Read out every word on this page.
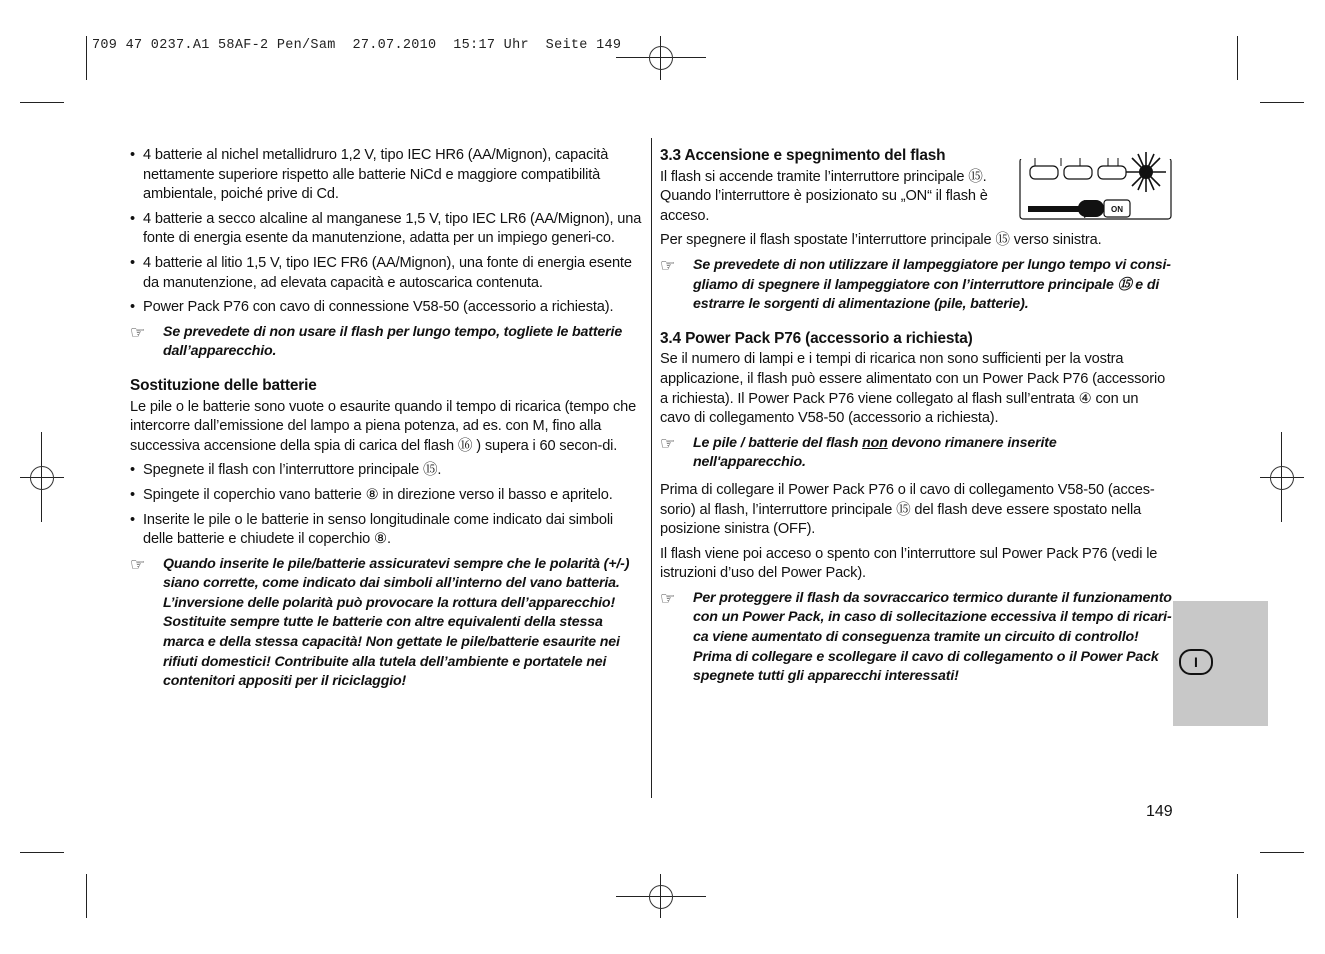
709 47 0237.A1 58AF-2 Pen/Sam  27.07.2010  15:17 Uhr  Seite 149
• 4 batterie al nichel metallidruro 1,2 V, tipo IEC HR6 (AA/Mignon), capacità nettamente superiore rispetto alle batterie NiCd e maggiore compatibilità ambientale, poiché prive di Cd.
• 4 batterie a secco alcaline al manganese 1,5 V, tipo IEC LR6 (AA/Mignon), una fonte di energia esente da manutenzione, adatta per un impiego generi-co.
• 4 batterie al litio 1,5 V, tipo IEC FR6 (AA/Mignon), una fonte di energia esente da manutenzione, ad elevata capacità e autoscarica contenuta.
• Power Pack P76 con cavo di connessione V58-50 (accessorio a richiesta).
☞ Se prevedete di non usare il flash per lungo tempo, togliete le batterie dall’apparecchio.
Sostituzione delle batterie

Le pile o le batterie sono vuote o esaurite quando il tempo di ricarica (tempo che intercorre dall’emissione del lampo a piena potenza, ad es. con M, fino alla successiva accensione della spia di carica del flash ⑯ ) supera i 60 secon-di.

• Spegnete il flash con l’interruttore principale ⑮.
• Spingete il coperchio vano batterie ⑧ in direzione verso il basso e apritelo.
• Inserite le pile o le batterie in senso longitudinale come indicato dai simboli delle batterie e chiudete il coperchio ⑧.
☞ Quando inserite le pile/batterie assicuratevi sempre che le polarità (+/-) siano corrette, come indicato dai simboli all’interno del vano batteria. L’inversione delle polarità può provocare la rottura dell’apparecchio! Sostituite sempre tutte le batterie con altre equivalenti della stessa marca e della stessa capacità! Non gettate le pile/batterie esaurite nei rifiuti domestici! Contribuite alla tutela dell’ambiente e portatele nei contenitori appositi per il riciclaggio!
3.3 Accensione e spegnimento del flash

Il flash si accende tramite l’interruttore principale ⑮. Quando l’interruttore è posizionato su „ON“ il flash è acceso.

Per spegnere il flash spostate l’interruttore principale ⑮ verso sinistra.

☞ Se prevedete di non utilizzare il lampeggiatore per lungo tempo vi consi-gliamo di spegnere il lampeggiatore con l’interruttore principale ⑮ e di estrarre le sorgenti di alimentazione (pile, batterie).
3.4 Power Pack P76 (accessorio a richiesta)

Se il numero di lampi e i tempi di ricarica non sono sufficienti per la vostra applicazione, il flash può essere alimentato con un Power Pack P76 (accessorio a richiesta). Il Power Pack P76 viene collegato al flash sull’entrata ④ con un cavo di collegamento V58-50 (accessorio a richiesta).

☞ Le pile / batterie del flash non devono rimanere inserite nell'apparecchio.

Prima di collegare il Power Pack P76 o il cavo di collegamento V58-50 (acces-sorio) al flash, l’interruttore principale ⑮ del flash deve essere spostato nella posizione sinistra (OFF).

Il flash viene poi acceso o spento con l’interruttore sul Power Pack P76 (vedi le istruzioni d’uso del Power Pack).

☞ Per proteggere il flash da sovraccarico termico durante il funzionamento con un Power Pack, in caso di sollecitazione eccessiva il tempo di ricari-ca viene aumentato di conseguenza tramite un circuito di controllo! Prima di collegare e scollegare il cavo di collegamento o il Power Pack spegnete tutti gli apparecchi interessati!
ON
I
149
